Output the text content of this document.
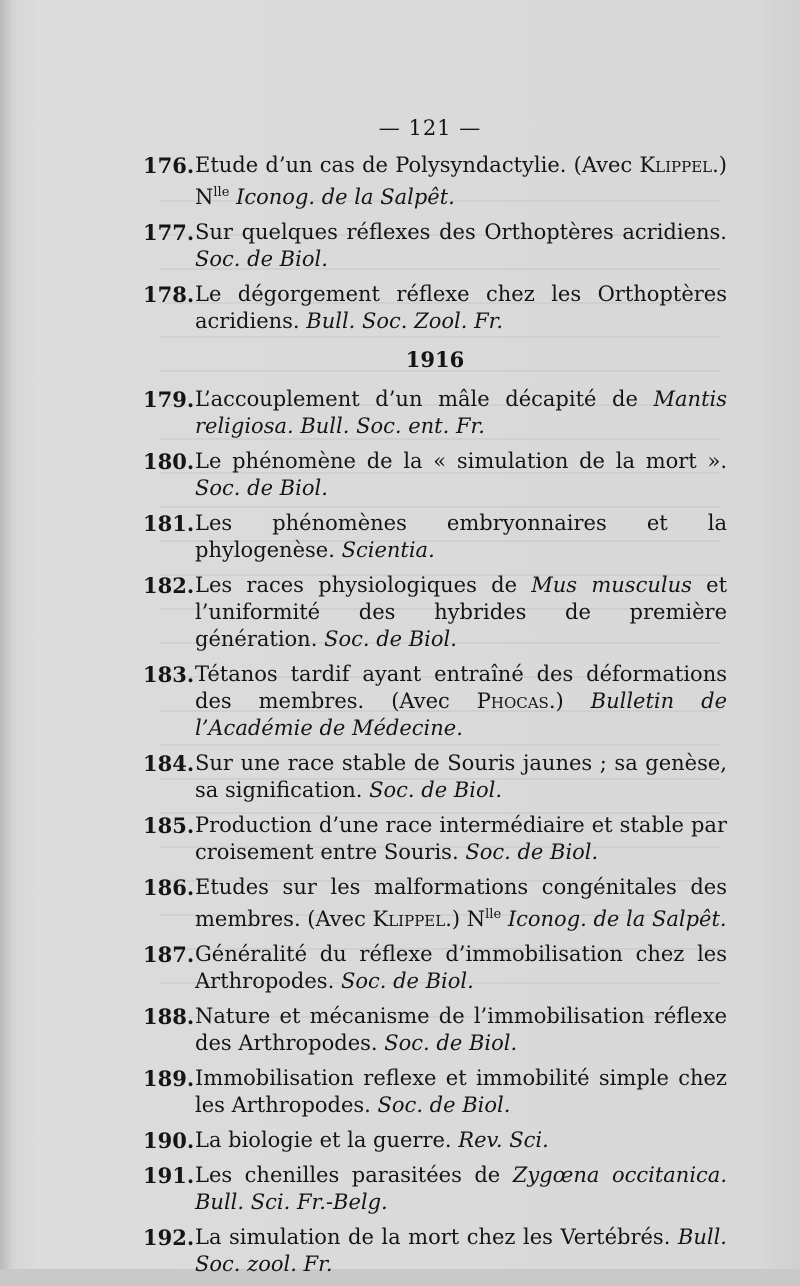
— 121 —
176. Etude d’un cas de Polysyndactylie. (Avec Klippel.) $N^{lle}$ Iconog. de la Salpêt.
177. Sur quelques réflexes des Orthoptères acridiens. Soc. de Biol.
178. Le dégorgement réflexe chez les Orthoptères acridiens. Bull. Soc. Zool. Fr.
1916
179. L’accouplement d’un mâle décapité de Mantis religiosa. Bull. Soc. ent. Fr.
180. Le phénomène de la « simulation de la mort ». Soc. de Biol.
181. Les phénomènes embryonnaires et la phylogenèse. Scientia.
182. Les races physiologiques de Mus musculus et l’uniformité des hybrides de première génération. Soc. de Biol.
183. Tétanos tardif ayant entraîné des déformations des membres. (Avec Phocas.) Bulletin de l’Académie de Médecine.
184. Sur une race stable de Souris jaunes ; sa genèse, sa signification. Soc. de Biol.
185. Production d’une race intermédiaire et stable par croisement entre Souris. Soc. de Biol.
186. Etudes sur les malformations congénitales des membres. (Avec Klippel.) $N^{lle}$ Iconog. de la Salpêt.
187. Généralité du réflexe d’immobilisation chez les Arthropodes. Soc. de Biol.
188. Nature et mécanisme de l’immobilisation réflexe des Arthropodes. Soc. de Biol.
189. Immobilisation reflexe et immobilité simple chez les Arthropodes. Soc. de Biol.
190. La biologie et la guerre. Rev. Sci.
191. Les chenilles parasitées de Zygœna occitanica. Bull. Sci. Fr.-Belg.
192. La simulation de la mort chez les Vertébrés. Bull. Soc. zool. Fr.
